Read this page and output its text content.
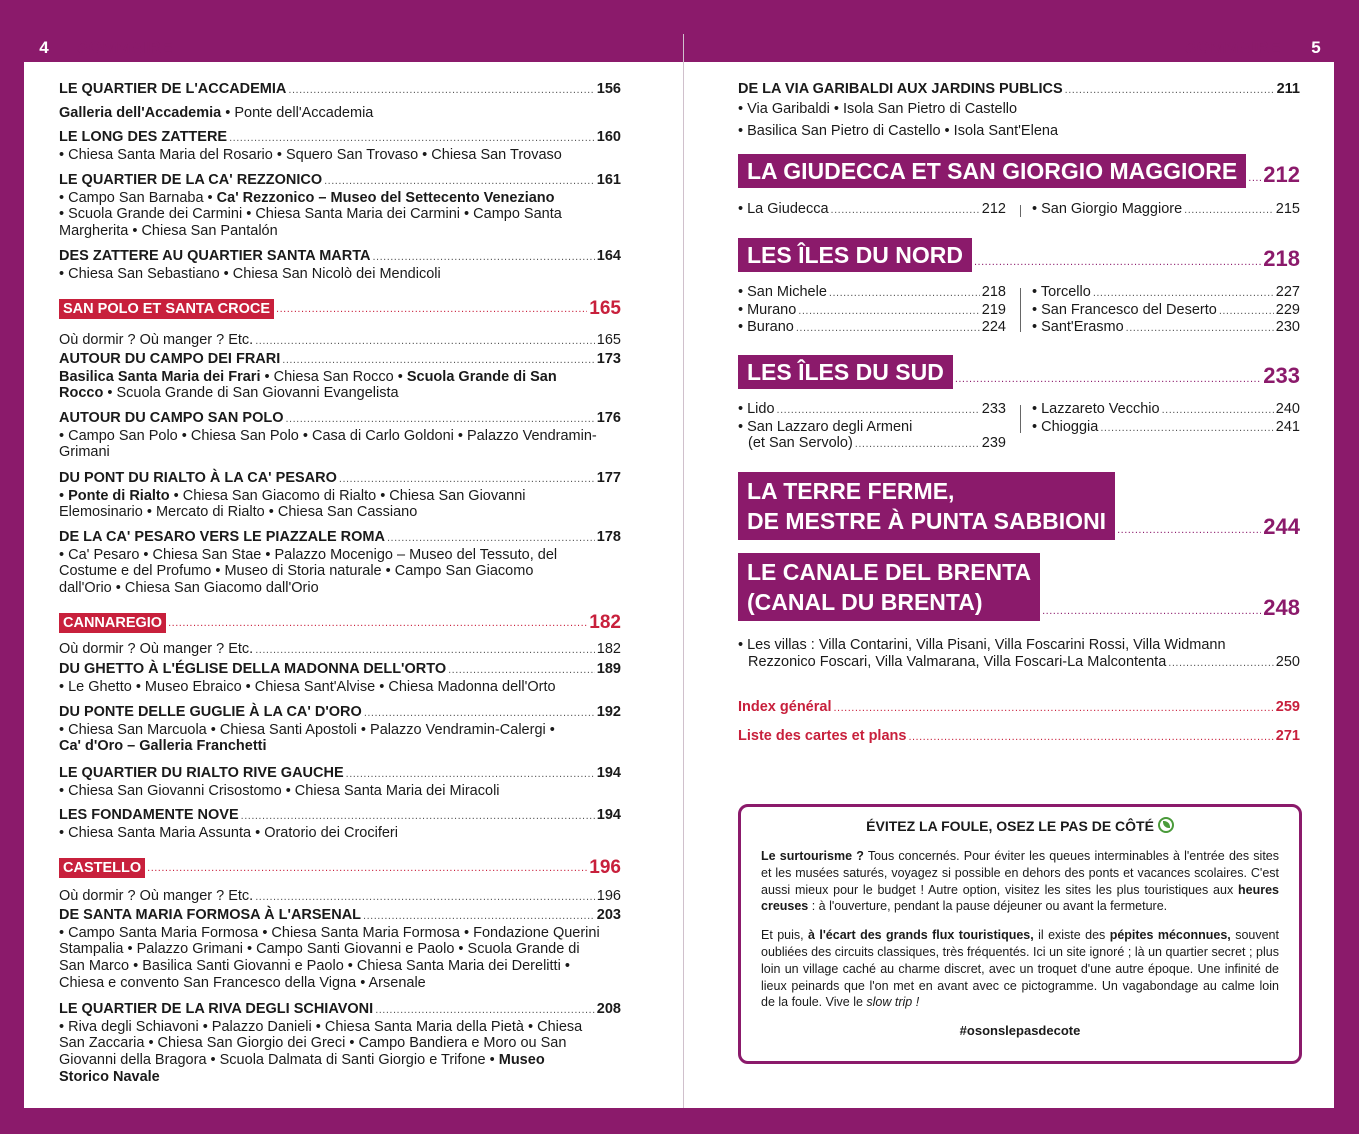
4	SOMMAIRE	SOMMAIRE	5
LE QUARTIER DE L'ACCADEMIA .....	156
Galleria dell'Accademia • Ponte dell'Accademia
LE LONG DES ZATTERE .....	160
• Chiesa Santa Maria del Rosario • Squero San Trovaso • Chiesa San Trovaso
LE QUARTIER DE LA CA' REZZONICO .....	161
• Campo San Barnaba • Ca' Rezzonico – Museo del Settecento Veneziano
• Scuola Grande dei Carmini • Chiesa Santa Maria dei Carmini • Campo Santa
Margherita • Chiesa San Pantalón
DES ZATTERE AU QUARTIER SANTA MARTA .....	164
• Chiesa San Sebastiano • Chiesa San Nicolò dei Mendicoli
SAN POLO ET SANTA CROCE .....	165
Où dormir ? Où manger ? Etc. .....	165
AUTOUR DU CAMPO DEI FRARI .....	173
Basilica Santa Maria dei Frari • Chiesa San Rocco • Scuola Grande di San
Rocco • Scuola Grande di San Giovanni Evangelista
AUTOUR DU CAMPO SAN POLO .....	176
• Campo San Polo • Chiesa San Polo • Casa di Carlo Goldoni • Palazzo Vendramin-
Grimani
DU PONT DU RIALTO À LA CA' PESARO .....	177
• Ponte di Rialto • Chiesa San Giacomo di Rialto • Chiesa San Giovanni
Elemosinario • Mercato di Rialto • Chiesa San Cassiano
DE LA CA' PESARO VERS LE PIAZZALE ROMA .....	178
• Ca' Pesaro • Chiesa San Stae • Palazzo Mocenigo – Museo del Tessuto, del
Costume e del Profumo • Museo di Storia naturale • Campo San Giacomo
dall'Orio • Chiesa San Giacomo dall'Orio
CANNAREGIO .....	182
Où dormir ? Où manger ? Etc. .....	182
DU GHETTO À L'ÉGLISE DELLA MADONNA DELL'ORTO .....	189
• Le Ghetto • Museo Ebraico • Chiesa Sant'Alvise • Chiesa Madonna dell'Orto
DU PONTE DELLE GUGLIE À LA CA' D'ORO .....	192
• Chiesa San Marcuola • Chiesa Santi Apostoli • Palazzo Vendramin-Calergi •
Ca' d'Oro – Galleria Franchetti
LE QUARTIER DU RIALTO RIVE GAUCHE .....	194
• Chiesa San Giovanni Crisostomo • Chiesa Santa Maria dei Miracoli
LES FONDAMENTE NOVE .....	194
• Chiesa Santa Maria Assunta • Oratorio dei Crociferi
CASTELLO .....	196
Où dormir ? Où manger ? Etc. .....	196
DE SANTA MARIA FORMOSA À L'ARSENAL .....	203
• Campo Santa Maria Formosa • Chiesa Santa Maria Formosa • Fondazione Querini
Stampalia • Palazzo Grimani • Campo Santi Giovanni e Paolo • Scuola Grande di
San Marco • Basilica Santi Giovanni e Paolo • Chiesa Santa Maria dei Derelitti •
Chiesa e convento San Francesco della Vigna • Arsenale
LE QUARTIER DE LA RIVA DEGLI SCHIAVONI .....	208
• Riva degli Schiavoni • Palazzo Danieli • Chiesa Santa Maria della Pietà • Chiesa
San Zaccaria • Chiesa San Giorgio dei Greci • Campo Bandiera e Moro ou San
Giovanni della Bragora • Scuola Dalmata di Santi Giorgio e Trifone • Museo
Storico Navale
DE LA VIA GARIBALDI AUX JARDINS PUBLICS .....	211
• Via Garibaldi • Isola San Pietro di Castello
• Basilica San Pietro di Castello • Isola Sant'Elena
LA GIUDECCA ET SAN GIORGIO MAGGIORE .....	212
• La Giudecca .....	212 • San Giorgio Maggiore .....	215
LES ÎLES DU NORD .....	218
• San Michele .....	218
• Murano .....	219
• Burano .....	224
• Torcello .....	227
• San Francesco del Deserto .....	229
• Sant'Erasmo .....	230
LES ÎLES DU SUD .....	233
• Lido .....	233
• San Lazzaro degli Armeni
(et San Servolo) .....	239
• Lazzareto Vecchio .....	240
• Chioggia .....	241
LA TERRE FERME,
DE MESTRE À PUNTA SABBIONI .....	244
LE CANALE DEL BRENTA
(CANAL DU BRENTA) .....	248
• Les villas : Villa Contarini, Villa Pisani, Villa Foscarini Rossi, Villa Widmann
Rezzonico Foscari, Villa Valmarana, Villa Foscari-La Malcontenta .....	250
Index général .....	259
Liste des cartes et plans .....	271
ÉVITEZ LA FOULE, OSEZ LE PAS DE CÔTÉ

Le surtourisme ? Tous concernés. Pour éviter les queues interminables à l'entrée des sites et les musées saturés, voyagez si possible en dehors des ponts et vacances scolaires. C'est aussi mieux pour le budget ! Autre option, visitez les sites les plus touristiques aux heures creuses : à l'ouverture, pendant la pause déjeuner ou avant la fermeture.

Et puis, à l'écart des grands flux touristiques, il existe des pépites méconnues, souvent oubliées des circuits classiques, très fréquentés. Ici un site ignoré ; là un quartier secret ; plus loin un village caché au charme discret, avec un troquet d'une autre époque. Une infinité de lieux peinards que l'on met en avant avec ce pictogramme. Un vagabondage au calme loin de la foule. Vive le slow trip !

#osonslepasdecote
